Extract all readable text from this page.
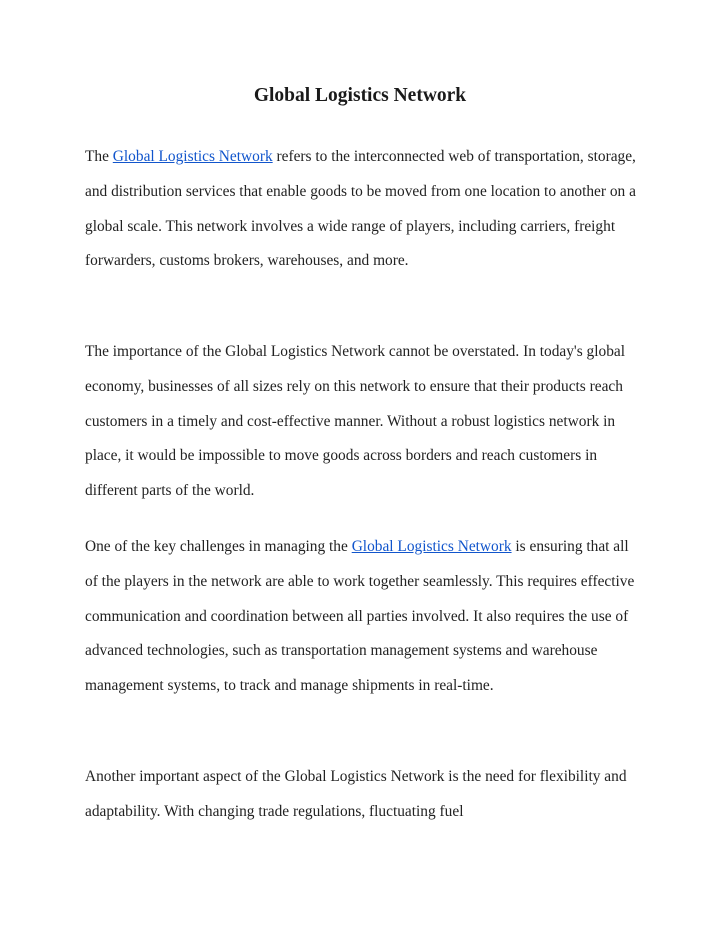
Global Logistics Network

The Global Logistics Network refers to the interconnected web of transportation, storage, and distribution services that enable goods to be moved from one location to another on a global scale. This network involves a wide range of players, including carriers, freight forwarders, customs brokers, warehouses, and more.

The importance of the Global Logistics Network cannot be overstated. In today's global economy, businesses of all sizes rely on this network to ensure that their products reach customers in a timely and cost-effective manner. Without a robust logistics network in place, it would be impossible to move goods across borders and reach customers in different parts of the world.

One of the key challenges in managing the Global Logistics Network is ensuring that all of the players in the network are able to work together seamlessly. This requires effective communication and coordination between all parties involved. It also requires the use of advanced technologies, such as transportation management systems and warehouse management systems, to track and manage shipments in real-time.

Another important aspect of the Global Logistics Network is the need for flexibility and adaptability. With changing trade regulations, fluctuating fuel
